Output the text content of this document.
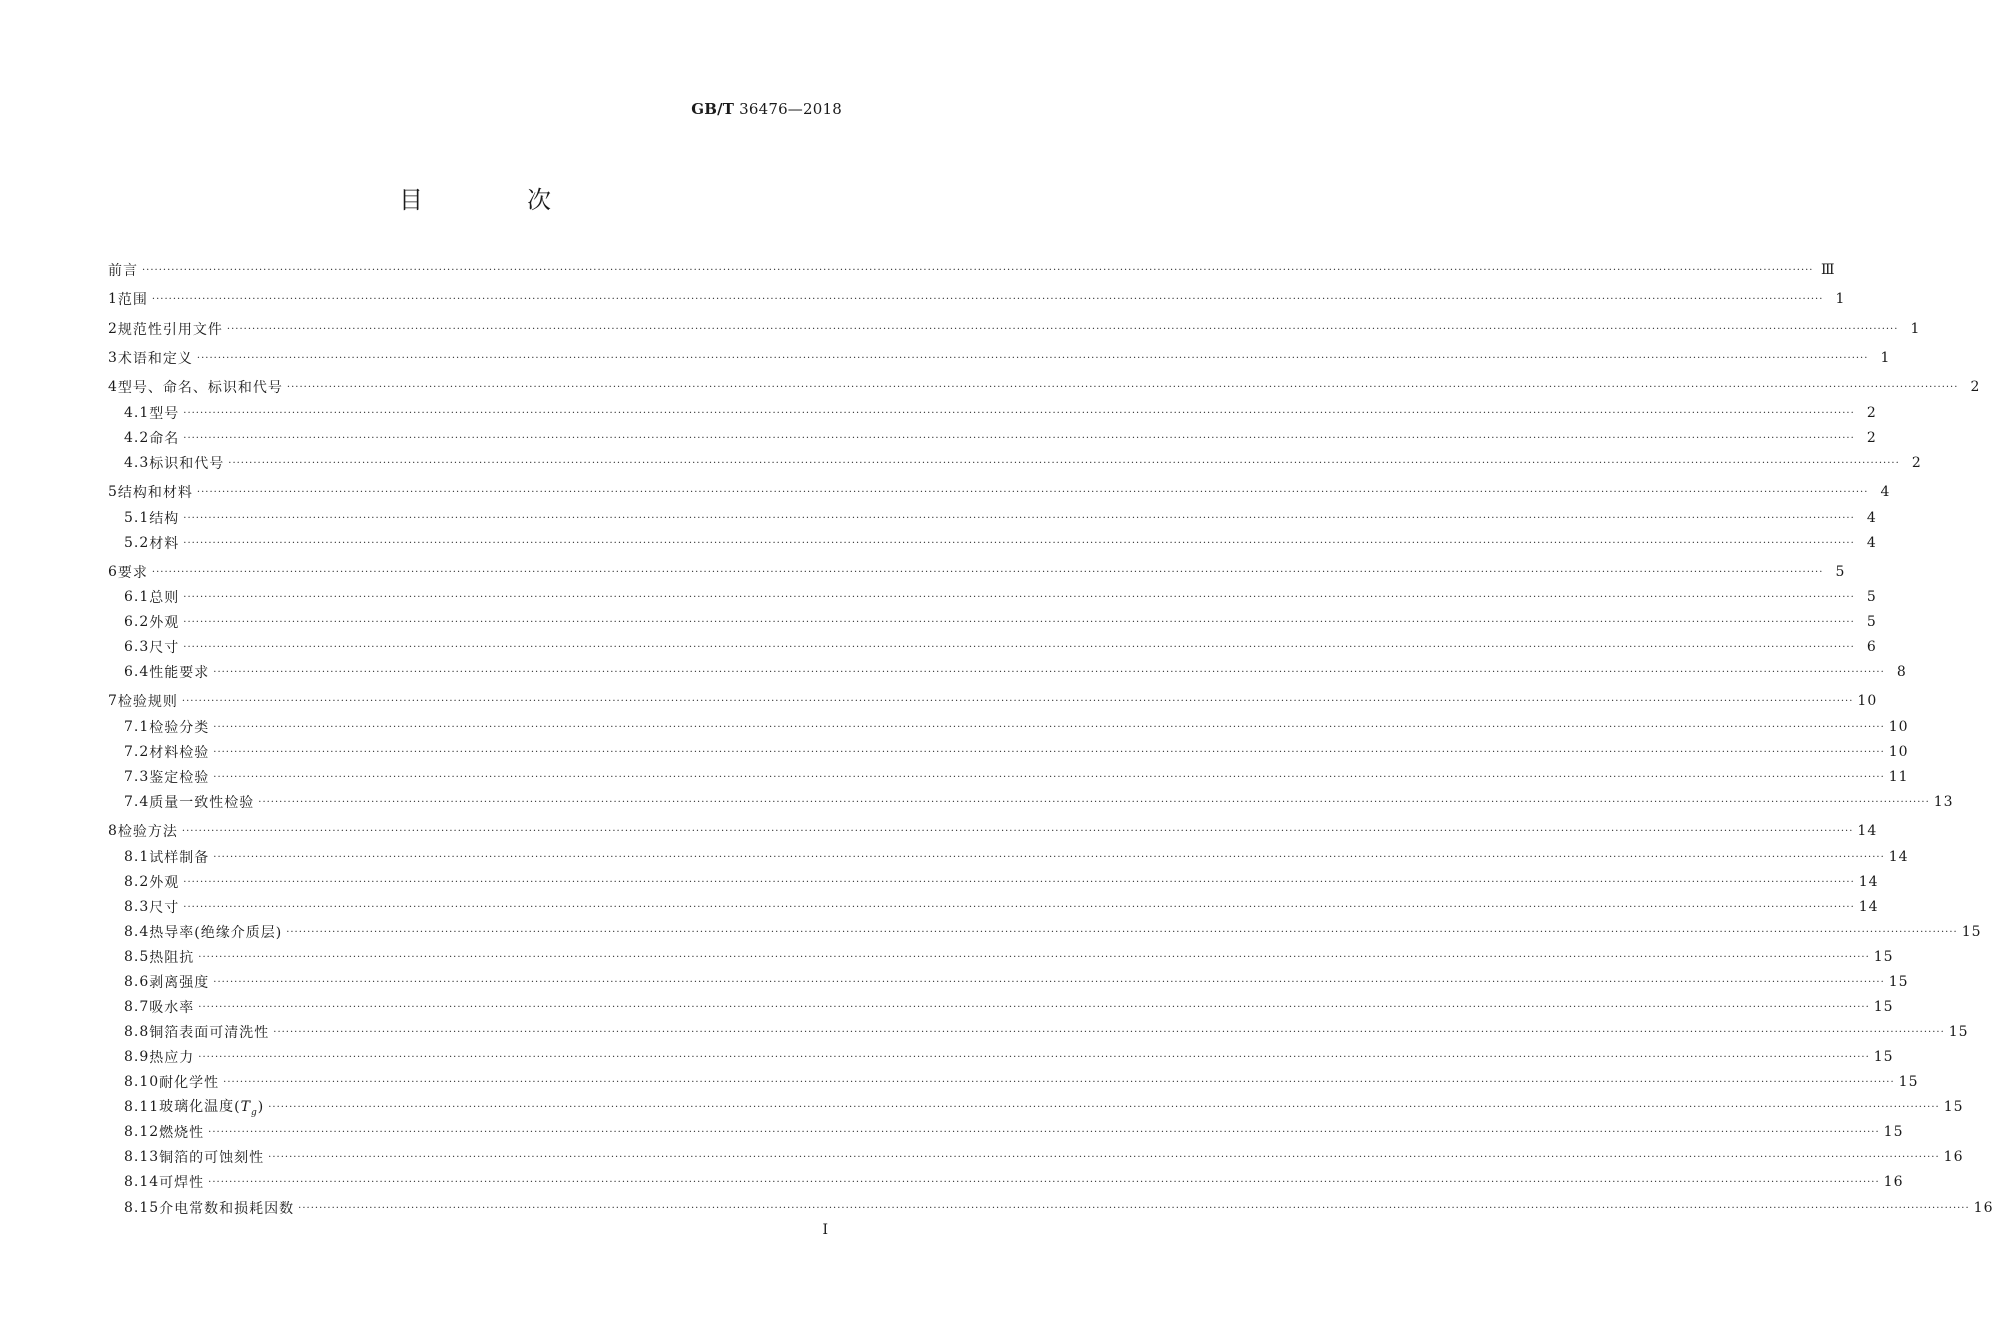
GB/T 36476—2018
目　次
前言 ················································································································································································································································································································································································································ Ⅲ
1 范围 ················································································································································································································································································································································································································ 1
2 规范性引用文件 ················································································································································································································································································································································································································ 1
3 术语和定义 ················································································································································································································································································································································································································ 1
4 型号、命名、标识和代号 ················································································································································································································································································································································································································ 2
4.1 型号 ················································································································································································································································································································································································································ 2
4.2 命名 ················································································································································································································································································································································································································ 2
4.3 标识和代号 ················································································································································································································································································································································································································ 2
5 结构和材料 ················································································································································································································································································································································································································ 4
5.1 结构 ················································································································································································································································································································································································································ 4
5.2 材料 ················································································································································································································································································································································································································ 4
6 要求 ················································································································································································································································································································································································································ 5
6.1 总则 ················································································································································································································································································································································································································ 5
6.2 外观 ················································································································································································································································································································································································································ 5
6.3 尺寸 ················································································································································································································································································································································································································ 6
6.4 性能要求 ················································································································································································································································································································································································································ 8
7 检验规则 ················································································································································································································································································································································································································ 10
7.1 检验分类 ················································································································································································································································································································································································································ 10
7.2 材料检验 ················································································································································································································································································································································································································ 10
7.3 鉴定检验 ················································································································································································································································································································································································································ 11
7.4 质量一致性检验 ················································································································································································································································································································································································································ 13
8 检验方法 ················································································································································································································································································································································································································ 14
8.1 试样制备 ················································································································································································································································································································································································································ 14
8.2 外观 ················································································································································································································································································································································································································ 14
8.3 尺寸 ················································································································································································································································································································································································································ 14
8.4 热导率(绝缘介质层) ················································································································································································································································································································································································································ 15
8.5 热阻抗 ················································································································································································································································································································································································································ 15
8.6 剥离强度 ················································································································································································································································································································································································································ 15
8.7 吸水率 ················································································································································································································································································································································································································ 15
8.8 铜箔表面可清洗性 ················································································································································································································································································································································································································ 15
8.9 热应力 ················································································································································································································································································································································································································ 15
8.10 耐化学性 ················································································································································································································································································································································································································ 15
8.11 玻璃化温度$(T_g)$ ················································································································································································································································································································································································································ 15
8.12 燃烧性 ················································································································································································································································································································································································································ 15
8.13 铜箔的可蚀刻性 ················································································································································································································································································································································································································ 16
8.14 可焊性 ················································································································································································································································································································································································································ 16
8.15 介电常数和损耗因数 ················································································································································································································································································································································································································ 16
Ⅰ
